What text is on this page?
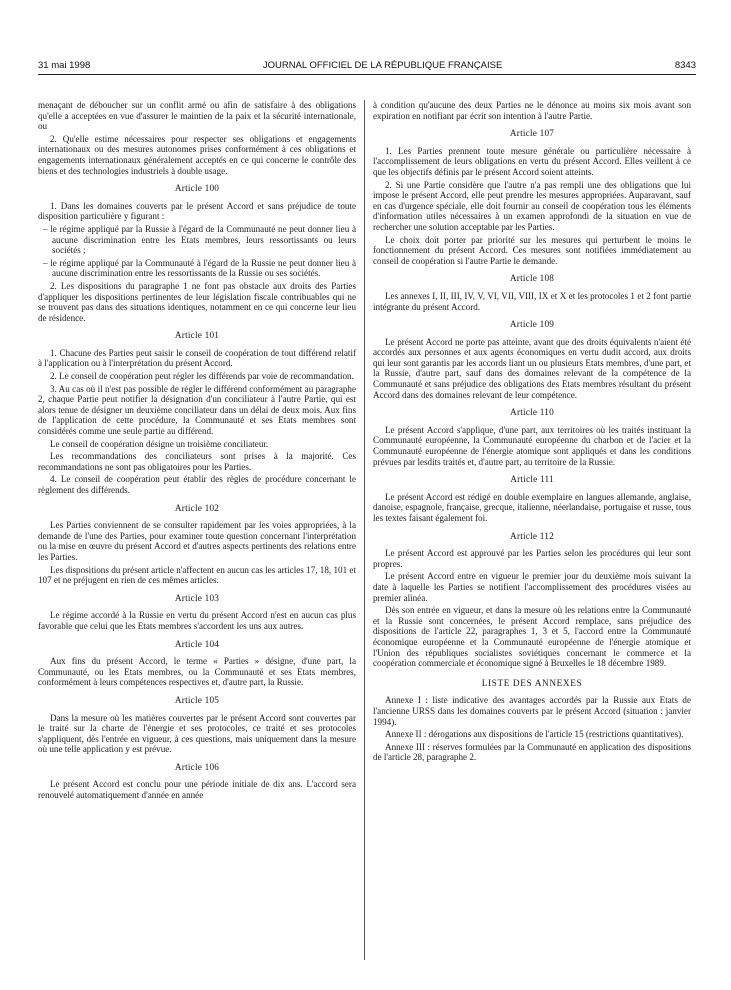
31 mai 1998	JOURNAL OFFICIEL DE LA RÉPUBLIQUE FRANÇAISE	8343

menaçant de déboucher sur un conflit armé ou afin de satisfaire à des obligations qu'elle a acceptées en vue d'assurer le maintien de la paix et la sécurité internationale, ou

2. Qu'elle estime nécessaires pour respecter ses obligations et engagements internationaux ou des mesures autonomes prises conformément à ces obligations et engagements internationaux généralement acceptés en ce qui concerne le contrôle des biens et des technologies industriels à double usage.

Article 100

1. Dans les domaines couverts par le présent Accord et sans préjudice de toute disposition particulière y figurant :

– le régime appliqué par la Russie à l'égard de la Communauté ne peut donner lieu à aucune discrimination entre les Etats membres, leurs ressortissants ou leurs sociétés ;

– le régime appliqué par la Communauté à l'égard de la Russie ne peut donner lieu à aucune discrimination entre les ressortissants de la Russie ou ses sociétés.

2. Les dispositions du paragraphe 1 ne font pas obstacle aux droits des Parties d'appliquer les dispositions pertinentes de leur législation fiscale contribuables qui ne se trouvent pas dans des situations identiques, notamment en ce qui concerne leur lieu de résidence.

Article 101

1. Chacune des Parties peut saisir le conseil de coopération de tout différend relatif à l'application ou à l'interprétation du présent Accord.

2. Le conseil de coopération peut régler les différends par voie de recommandation.

3. Au cas où il n'est pas possible de régler le différend conformément au paragraphe 2, chaque Partie peut notifier la désignation d'un conciliateur à l'autre Partie, qui est alors tenue de désigner un deuxième conciliateur dans un délai de deux mois. Aux fins de l'application de cette procédure, la Communauté et ses Etats membres sont considérés comme une seule partie au différend.

Le conseil de coopération désigne un troisième conciliateur.

Les recommandations des conciliateurs sont prises à la majorité. Ces recommandations ne sont pas obligatoires pour les Parties.

4. Le conseil de coopération peut établir des règles de procédure concernant le règlement des différends.

Article 102

Les Parties conviennent de se consulter rapidement par les voies appropriées, à la demande de l'une des Parties, pour examiner toute question concernant l'interprétation ou la mise en œuvre du présent Accord et d'autres aspects pertinents des relations entre les Parties.

Les dispositions du présent article n'affectent en aucun cas les articles 17, 18, 101 et 107 et ne préjugent en rien de ces mêmes articles.

Article 103

Le régime accordé à la Russie en vertu du présent Accord n'est en aucun cas plus favorable que celui que les Etats membres s'accordent les uns aux autres.

Article 104

Aux fins du présent Accord, le terme « Parties » désigne, d'une part, la Communauté, ou les Etats membres, ou la Communauté et ses Etats membres, conformément à leurs compétences respectives et, d'autre part, la Russie.

Article 105

Dans la mesure où les matières couvertes par le présent Accord sont couvertes par le traité sur la charte de l'énergie et ses protocoles, ce traité et ses protocoles s'appliquent, dès l'entrée en vigueur, à ces questions, mais uniquement dans la mesure où une telle application y est prévue.

Article 106

Le présent Accord est conclu pour une période initiale de dix ans. L'accord sera renouvelé automatiquement d'année en année

à condition qu'aucune des deux Parties ne le dénonce au moins six mois avant son expiration en notifiant par écrit son intention à l'autre Partie.

Article 107

1. Les Parties prennent toute mesure générale ou particulière nécessaire à l'accomplissement de leurs obligations en vertu du présent Accord. Elles veillent à ce que les objectifs définis par le présent Accord soient atteints.

2. Si une Partie considère que l'autre n'a pas rempli une des obligations que lui impose le présent Accord, elle peut prendre les mesures appropriées. Auparavant, sauf en cas d'urgence spéciale, elle doit fournir au conseil de coopération tous les éléments d'information utiles nécessaires à un examen approfondi de la situation en vue de rechercher une solution acceptable par les Parties.

Le choix doit porter par priorité sur les mesures qui perturbent le moins le fonctionnement du présent Accord. Ces mesures sont notifiées immédiatement au conseil de coopération si l'autre Partie le demande.

Article 108

Les annexes I, II, III, IV, V, VI, VII, VIII, IX et X et les protocoles 1 et 2 font partie intégrante du présent Accord.

Article 109

Le présent Accord ne porte pas atteinte, avant que des droits équivalents n'aient été accordés aux personnes et aux agents économiques en vertu dudit accord, aux droits qui leur sont garantis par les accords liant un ou plusieurs Etats membres, d'une part, et la Russie, d'autre part, sauf dans des domaines relevant de la compétence de la Communauté et sans préjudice des obligations des Etats membres résultant du présent Accord dans des domaines relevant de leur compétence.

Article 110

Le présent Accord s'applique, d'une part, aux territoires où les traités instituant la Communauté européenne, la Communauté européenne du charbon et de l'acier et la Communauté européenne de l'énergie atomique sont appliqués et dans les conditions prévues par lesdits traités et, d'autre part, au territoire de la Russie.

Article 111

Le présent Accord est rédigé en double exemplaire en langues allemande, anglaise, danoise, espagnole, française, grecque, italienne, néerlandaise, portugaise et russe, tous les textes faisant également foi.

Article 112

Le présent Accord est approuvé par les Parties selon les procédures qui leur sont propres.

Le présent Accord entre en vigueur le premier jour du deuxième mois suivant la date à laquelle les Parties se notifient l'accomplissement des procédures visées au premier alinéa.

Dès son entrée en vigueur, et dans la mesure où les relations entre la Communauté et la Russie sont concernées, le présent Accord remplace, sans préjudice des dispositions de l'article 22, paragraphes 1, 3 et 5, l'accord entre la Communauté économique européenne et la Communauté européenne de l'énergie atomique et l'Union des républiques socialistes soviétiques concernant le commerce et la coopération commerciale et économique signé à Bruxelles le 18 décembre 1989.

LISTE DES ANNEXES

Annexe I : liste indicative des avantages accordés par la Russie aux Etats de l'ancienne URSS dans les domaines couverts par le présent Accord (situation : janvier 1994).

Annexe II : dérogations aux dispositions de l'article 15 (restrictions quantitatives).

Annexe III : réserves formulées par la Communauté en application des dispositions de l'article 28, paragraphe 2.
